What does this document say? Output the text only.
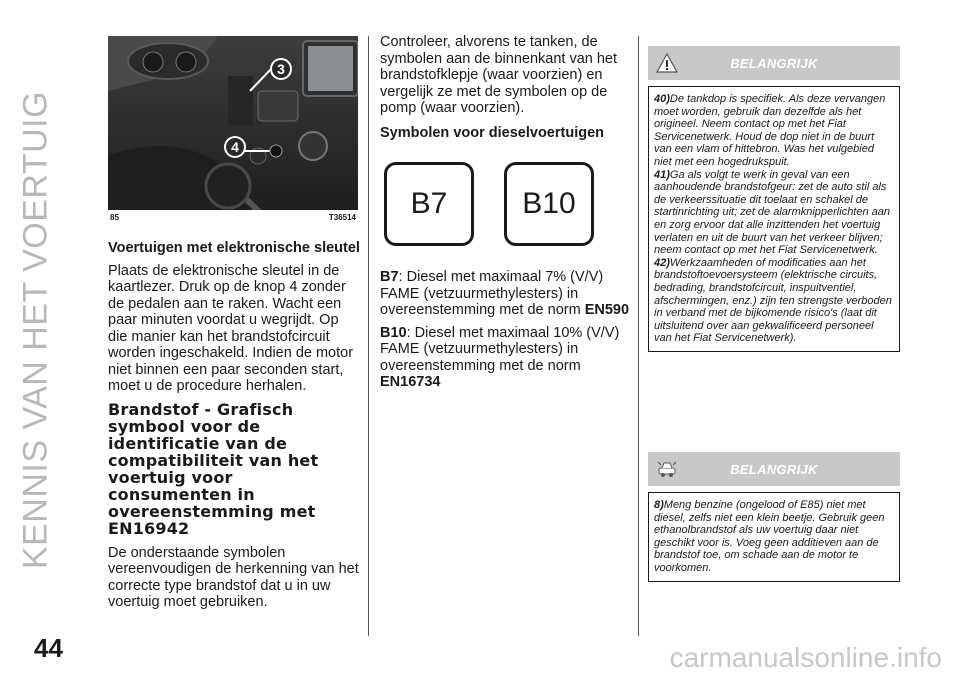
KENNIS VAN HET VOERTUIG
3
4
85	T36514
Voertuigen met elektronische sleutel

Plaats de elektronische sleutel in de kaartlezer. Druk op de knop 4 zonder de pedalen aan te raken. Wacht een paar minuten voordat u wegrijdt. Op die manier kan het brandstofcircuit worden ingeschakeld. Indien de motor niet binnen een paar seconden start, moet u de procedure herhalen.

Brandstof - Grafisch symbool voor de identificatie van de compatibiliteit van het voertuig voor consumenten in overeenstemming met EN16942

De onderstaande symbolen vereenvoudigen de herkenning van het correcte type brandstof dat u in uw voertuig moet gebruiken.

Controleer, alvorens te tanken, de symbolen aan de binnenkant van het brandstofklepje (waar voorzien) en vergelijk ze met de symbolen op de pomp (waar voorzien).

Symbolen voor dieselvoertuigen
B7 B10

B7: Diesel met maximaal 7% (V/V) FAME (vetzuurmethylesters) in overeenstemming met de norm EN590

B10: Diesel met maximaal 10% (V/V) FAME (vetzuurmethylesters) in overeenstemming met de norm
EN16734

BELANGRIJK
40)De tankdop is specifiek. Als deze vervangen moet worden, gebruik dan dezelfde als het origineel. Neem contact op met het Fiat Servicenetwerk. Houd de dop niet in de buurt van een vlam of hittebron. Was het vulgebied niet met een hogedrukspuit.
41)Ga als volgt te werk in geval van een aanhoudende brandstofgeur: zet de auto stil als de verkeerssituatie dit toelaat en schakel de startinrichting uit; zet de alarmknipperlichten aan en zorg ervoor dat alle inzittenden het voertuig verlaten en uit de buurt van het verkeer blijven; neem contact op met het Fiat Servicenetwerk.
42)Werkzaamheden of modificaties aan het brandstoftoevoersysteem (elektrische circuits, bedrading, brandstofcircuit, inspuitventiel, afschermingen, enz.) zijn ten strengste verboden in verband met de bijkomende risico's (laat dit uitsluitend over aan gekwalificeerd personeel van het Fiat Servicenetwerk).
BELANGRIJK
8)Meng benzine (ongelood of E85) niet met diesel, zelfs niet een klein beetje. Gebruik geen ethanolbrandstof als uw voertuig daar niet geschikt voor is. Voeg geen additieven aan de brandstof toe, om schade aan de motor te voorkomen.
44	carmanualsonline.info
